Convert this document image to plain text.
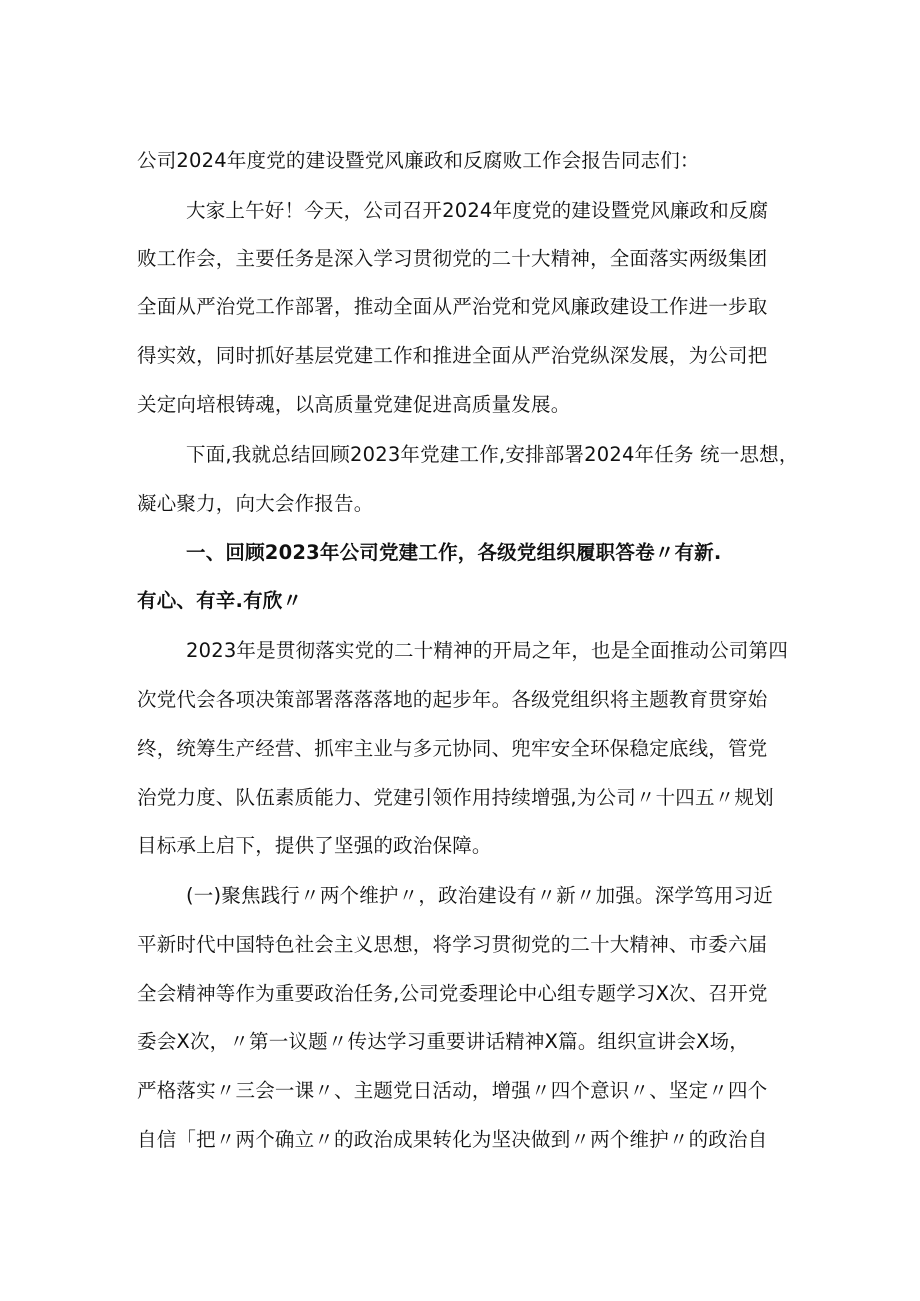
公司2024年度党的建设暨党风廉政和反腐败工作会报告同志们：
大家上午好！今天，公司召开2024年度党的建设暨党风廉政和反腐
败工作会，主要任务是深入学习贯彻党的二十大精神，全面落实两级集团
全面从严治党工作部署，推动全面从严治党和党风廉政建设工作进一步取
得实效，同时抓好基层党建工作和推进全面从严治党纵深发展，为公司把
关定向培根铸魂，以高质量党建促进高质量发展。
下面,我就总结回顾2023年党建工作,安排部署2024年任务 统一思想，
凝心聚力，向大会作报告。
一、回顾2023年公司党建工作，各级党组织履职答卷〃有新.
有心、有辛.有欣〃
2023年是贯彻落实党的二十精神的开局之年，也是全面推动公司第四
次党代会各项决策部署落落落地的起步年。各级党组织将主题教育贯穿始
终，统筹生产经营、抓牢主业与多元协同、兜牢安全环保稳定底线，管党
治党力度、队伍素质能力、党建引领作用持续增强,为公司〃十四五〃规划
目标承上启下，提供了坚强的政治保障。
(一)聚焦践行〃两个维护〃，政治建设有〃新〃加强。深学笃用习近
平新时代中国特色社会主义思想，将学习贯彻党的二十大精神、市委六届
全会精神等作为重要政治任务,公司党委理论中心组专题学习X次、召开党
委会X次，〃第一议题〃传达学习重要讲话精神X篇。组织宣讲会X场，
严格落实〃三会一课〃、主题党日活动，增强〃四个意识〃、坚定〃四个
自信「把〃两个确立〃的政治成果转化为坚决做到〃两个维护〃的政治自
